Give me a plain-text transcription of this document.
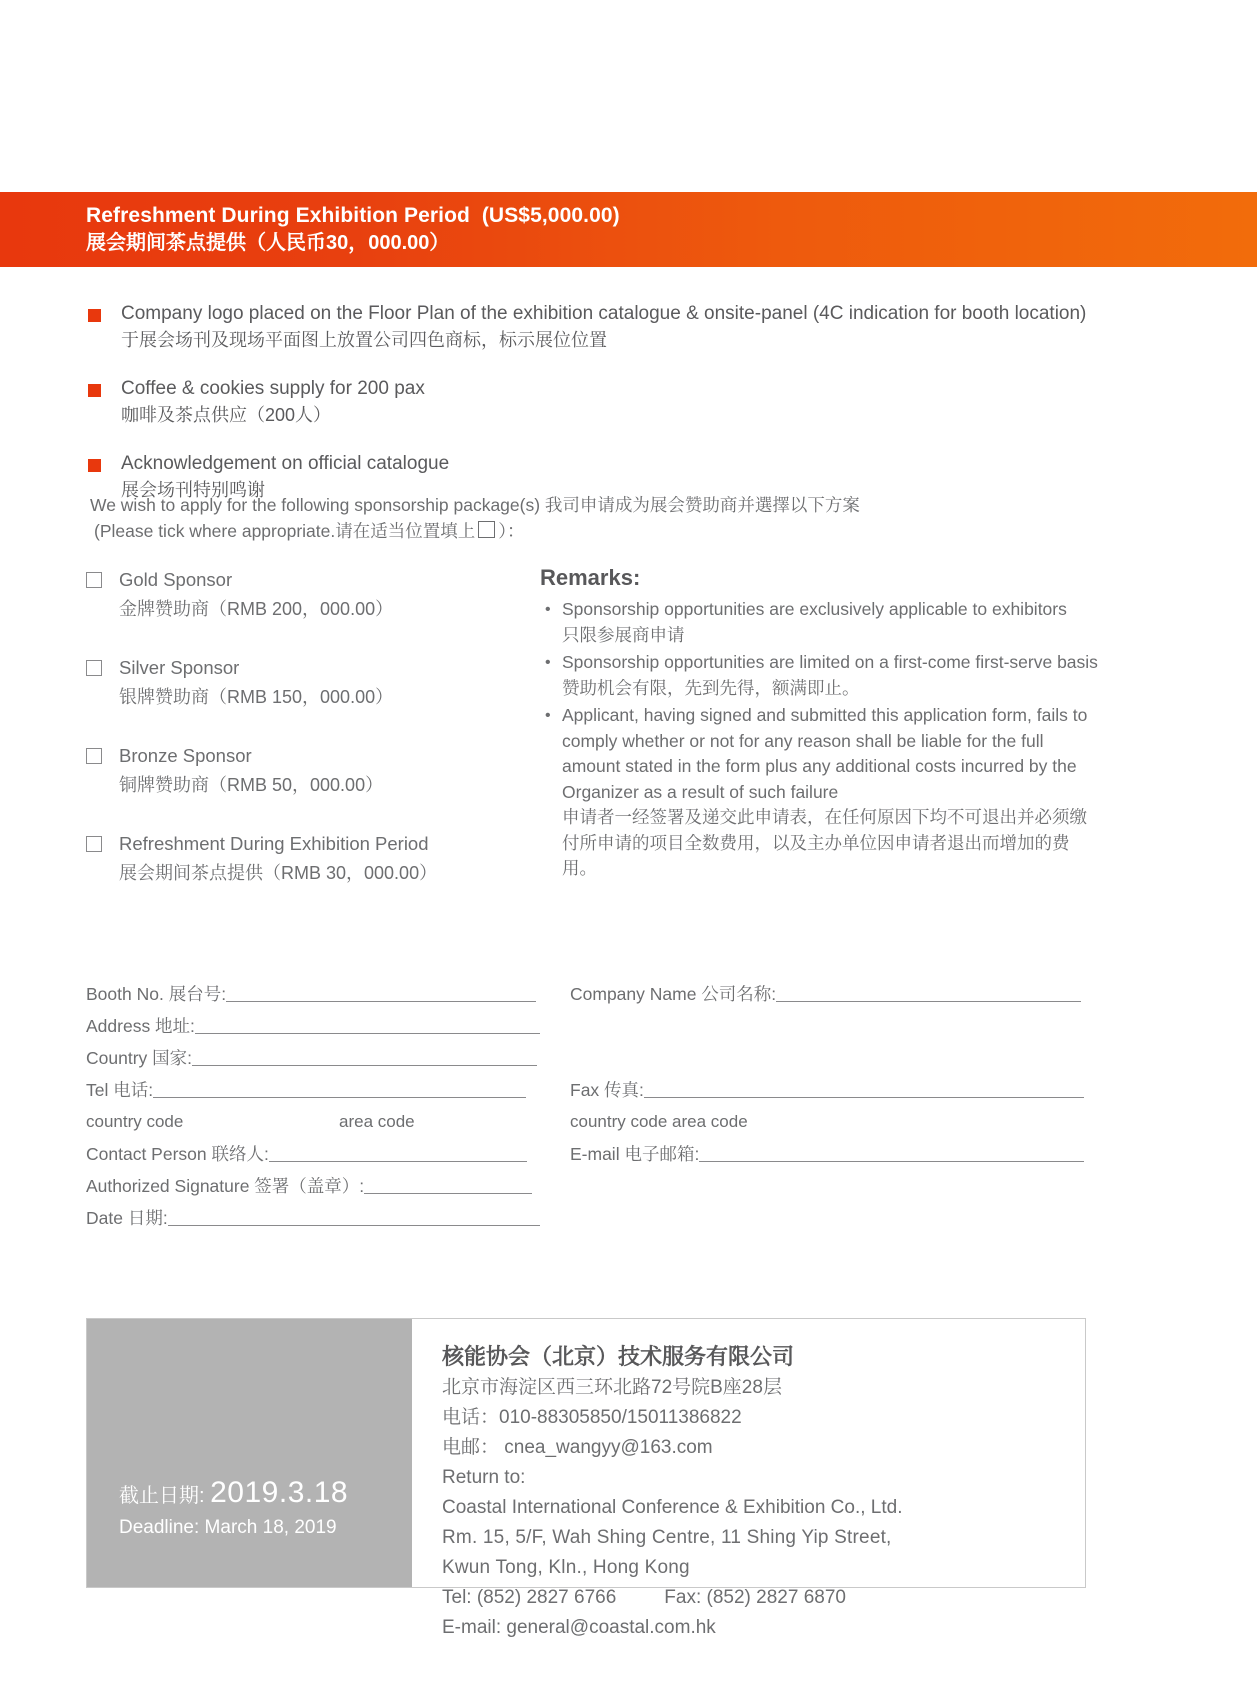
Refreshment During Exhibition Period  (US$5,000.00)
展会期间茶点提供（人民币30，000.00）
Company logo placed on the Floor Plan of the exhibition catalogue & onsite-panel (4C indication for booth location)
于展会场刊及现场平面图上放置公司四色商标，标示展位位置
Coffee & cookies supply for 200 pax
咖啡及茶点供应（200人）
Acknowledgement on official catalogue
展会场刊特别鸣谢
We wish to apply for the following sponsorship package(s) 我司申请成为展会赞助商并選擇以下方案
(Please tick where appropriate.请在适当位置填上 ）：
Gold Sponsor
金牌赞助商（RMB 200，000.00）
Silver Sponsor
银牌赞助商（RMB 150，000.00）
Bronze Sponsor
铜牌赞助商（RMB 50，000.00）
Refreshment During Exhibition Period
展会期间茶点提供（RMB 30，000.00）
Remarks:
• Sponsorship opportunities are exclusively applicable to exhibitors
只限参展商申请
• Sponsorship opportunities are limited on a first-come first-serve basis
赞助机会有限，先到先得，额满即止。
• Applicant, having signed and submitted this application form, fails to comply whether or not for any reason shall be liable for the full amount stated in the form plus any additional costs incurred by the Organizer as a result of such failure
申请者一经签署及递交此申请表，在任何原因下均不可退出并必须缴付所申请的项目全数费用，以及主办单位因申请者退出而增加的费用。
Booth No. 展台号:
Address 地址:
Country 国家:
Tel 电话:
country code	area code
Contact Person 联络人:
Authorized Signature 签署（盖章）:
Date 日期:
Company Name 公司名称:

Fax 传真:
country code area code
E-mail 电子邮箱:
截止日期: 2019.3.18
Deadline: March 18, 2019
核能协会（北京）技术服务有限公司
北京市海淀区西三环北路72号院B座28层
电话：010-88305850/15011386822
电邮： cnea_wangyy@163.com
Return to:
Coastal International Conference & Exhibition Co., Ltd.
Rm. 15, 5/F, Wah Shing Centre, 11 Shing Yip Street,
Kwun Tong, Kln., Hong Kong
Tel: (852) 2827 6766	Fax: (852) 2827 6870
E-mail: general@coastal.com.hk
